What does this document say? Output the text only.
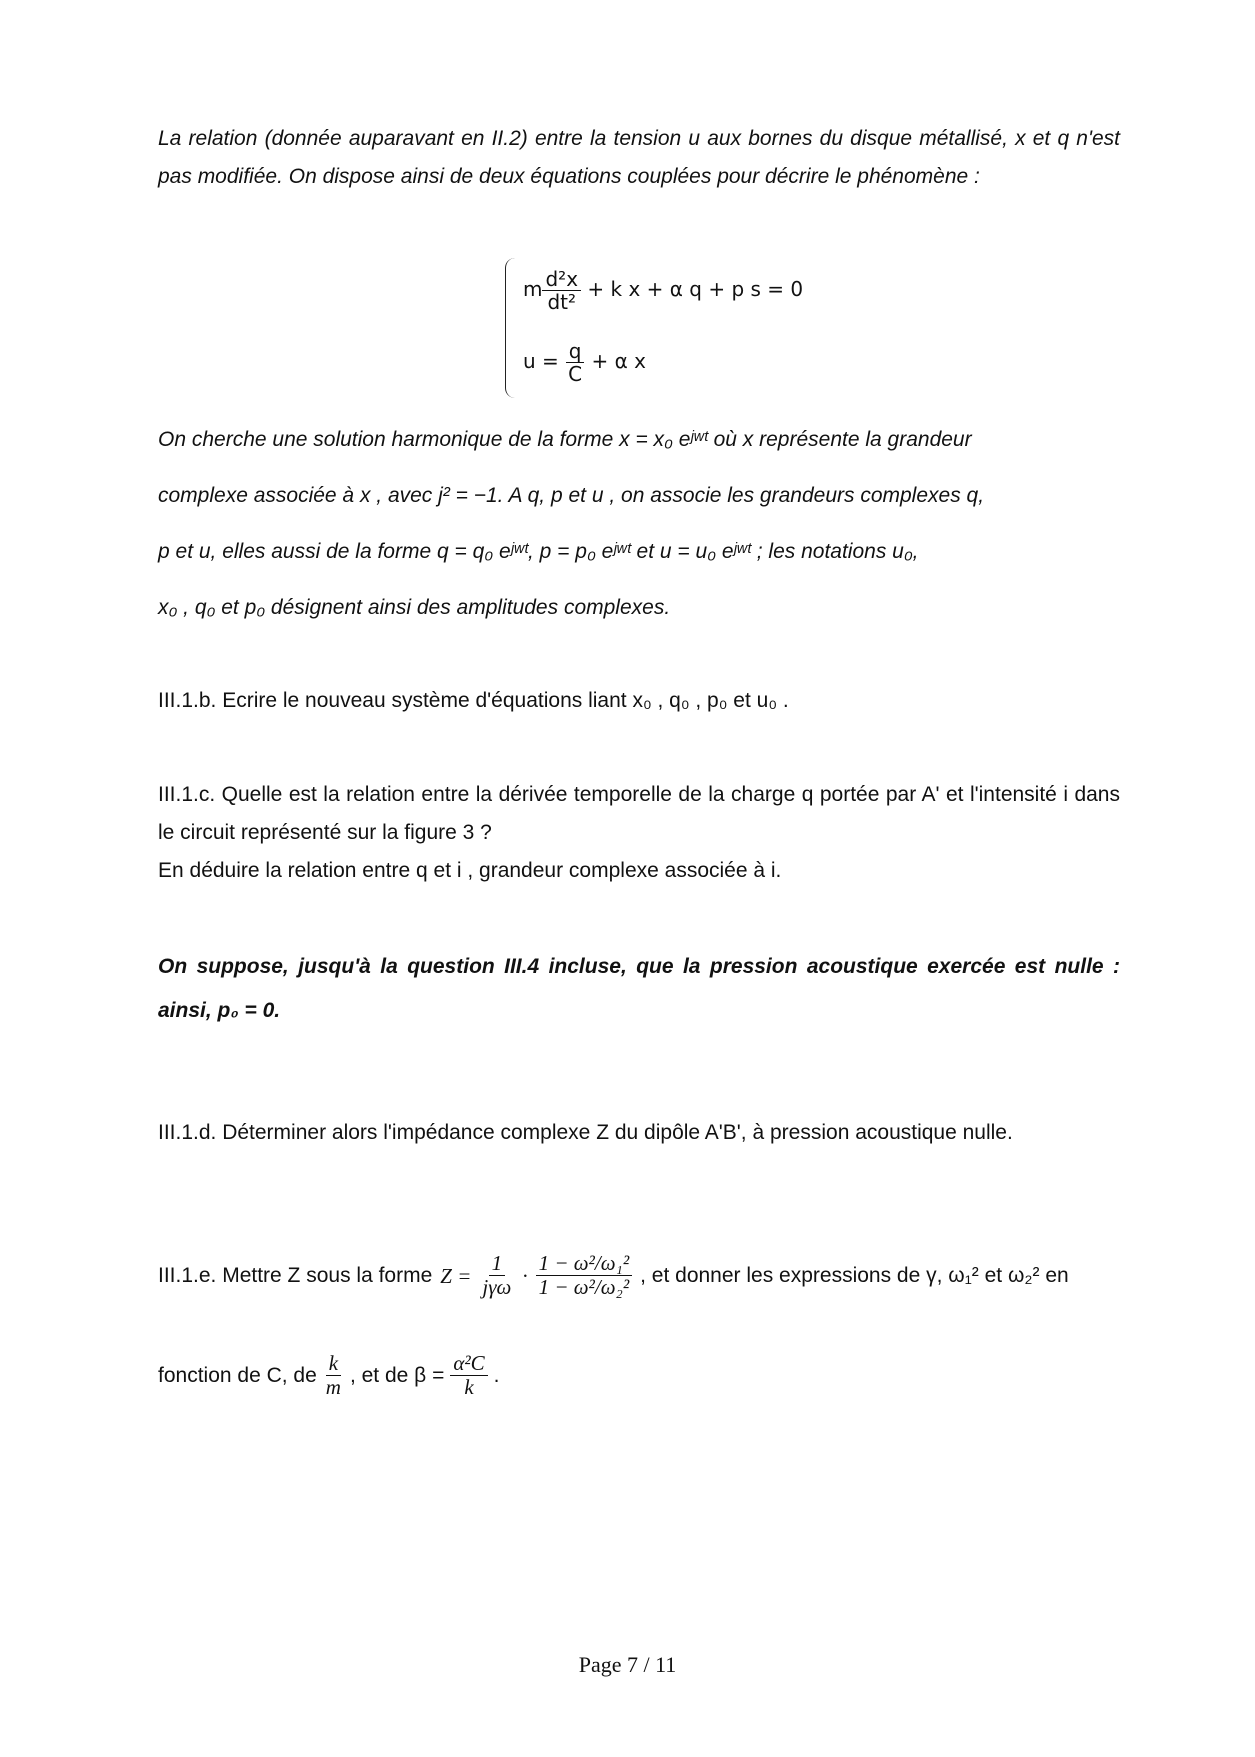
La relation (donnée auparavant en II.2) entre la tension u aux bornes du disque métallisé, x et q n'est pas modifiée. On dispose ainsi de deux équations couplées pour décrire le phénomène :
m $\frac{\text{d²x}}{\text{dt²}} + k$ x + α q + p s = 0
$u = \frac{q}{C} + \alpha$ x
On cherche une solution harmonique de la forme x = x₀ eʲʷᵗ où x représente la grandeur
complexe associée à x , avec j² = −1. A q, p et u , on associe les grandeurs complexes q,
p et u, elles aussi de la forme q = q₀ eʲʷᵗ, p = p₀ eʲʷᵗ et u = u₀ eʲʷᵗ ; les notations u₀,
x₀ , q₀ et p₀ désignent ainsi des amplitudes complexes.
III.1.b. Ecrire le nouveau système d'équations liant x₀ , q₀ , p₀ et u₀ .
III.1.c. Quelle est la relation entre la dérivée temporelle de la charge q portée par A' et l'intensité i dans le circuit représenté sur la figure 3 ?
En déduire la relation entre q et i , grandeur complexe associée à i.
On suppose, jusqu'à la question III.4 incluse, que la pression acoustique exercée est nulle : ainsi, p₀ = 0.
III.1.d. Déterminer alors l'impédance complexe Z du dipôle A'B', à pression acoustique nulle.
III.1.e. Mettre Z sous la forme $Z = \frac{1}{\text{jγω}} \cdot \frac{\text{1 − ω²/ω₁²}}{\text{1 − ω²/ω₂²}}$ , et donner les expressions de γ, ω₁² et ω₂² en
fonction de C, de $\frac{k}{m}$ , et de $\beta = \frac{\text{α²C}}{k}$ .
Page 7 / 11
